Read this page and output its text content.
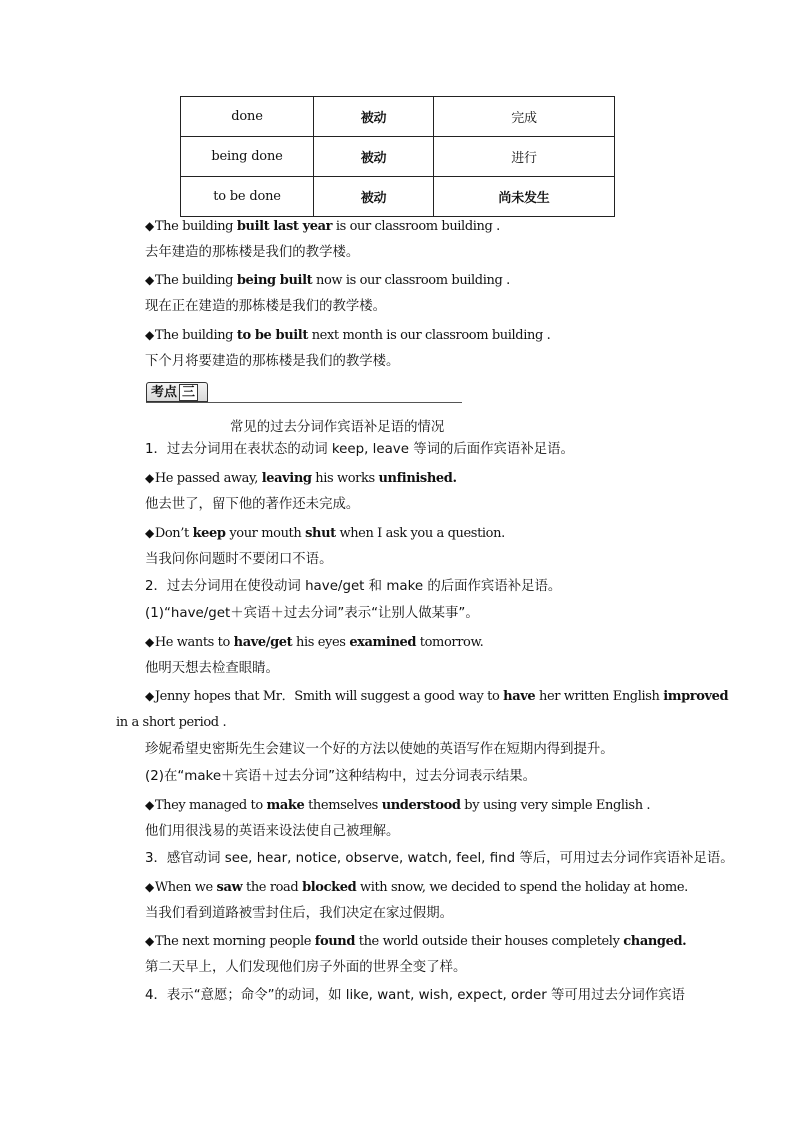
done	被动	完成
being done	被动	进行
to be done	被动	尚未发生
◆The building built last year is our classroom building .
去年建造的那栋楼是我们的教学楼。
◆The building being built now is our classroom building .
现在正在建造的那栋楼是我们的教学楼。
◆The building to be built next month is our classroom building .
下个月将要建造的那栋楼是我们的教学楼。
考点 三
常见的过去分词作宾语补足语的情况
1．过去分词用在表状态的动词 keep, leave 等词的后面作宾语补足语。
◆He passed away, leaving his works unfinished.
他去世了，留下他的著作还未完成。
◆Don’t keep your mouth shut when I ask you a question.
当我问你问题时不要闭口不语。
2．过去分词用在使役动词 have/get 和 make 的后面作宾语补足语。
(1)“have/get＋宾语＋过去分词”表示“让别人做某事”。
◆He wants to have/get his eyes examined tomorrow.
他明天想去检查眼睛。
◆Jenny hopes that Mr．Smith will suggest a good way to have her written English improved
in a short period .
珍妮希望史密斯先生会建议一个好的方法以使她的英语写作在短期内得到提升。
(2)在“make＋宾语＋过去分词”这种结构中，过去分词表示结果。
◆They managed to make themselves understood by using very simple English .
他们用很浅易的英语来设法使自己被理解。
3．感官动词 see, hear, notice, observe, watch, feel, find 等后，可用过去分词作宾语补足语。
◆When we saw the road blocked with snow, we decided to spend the holiday at home.
当我们看到道路被雪封住后，我们决定在家过假期。
◆The next morning people found the world outside their houses completely changed.
第二天早上，人们发现他们房子外面的世界全变了样。
4．表示“意愿；命令”的动词，如 like, want, wish, expect, order 等可用过去分词作宾语
